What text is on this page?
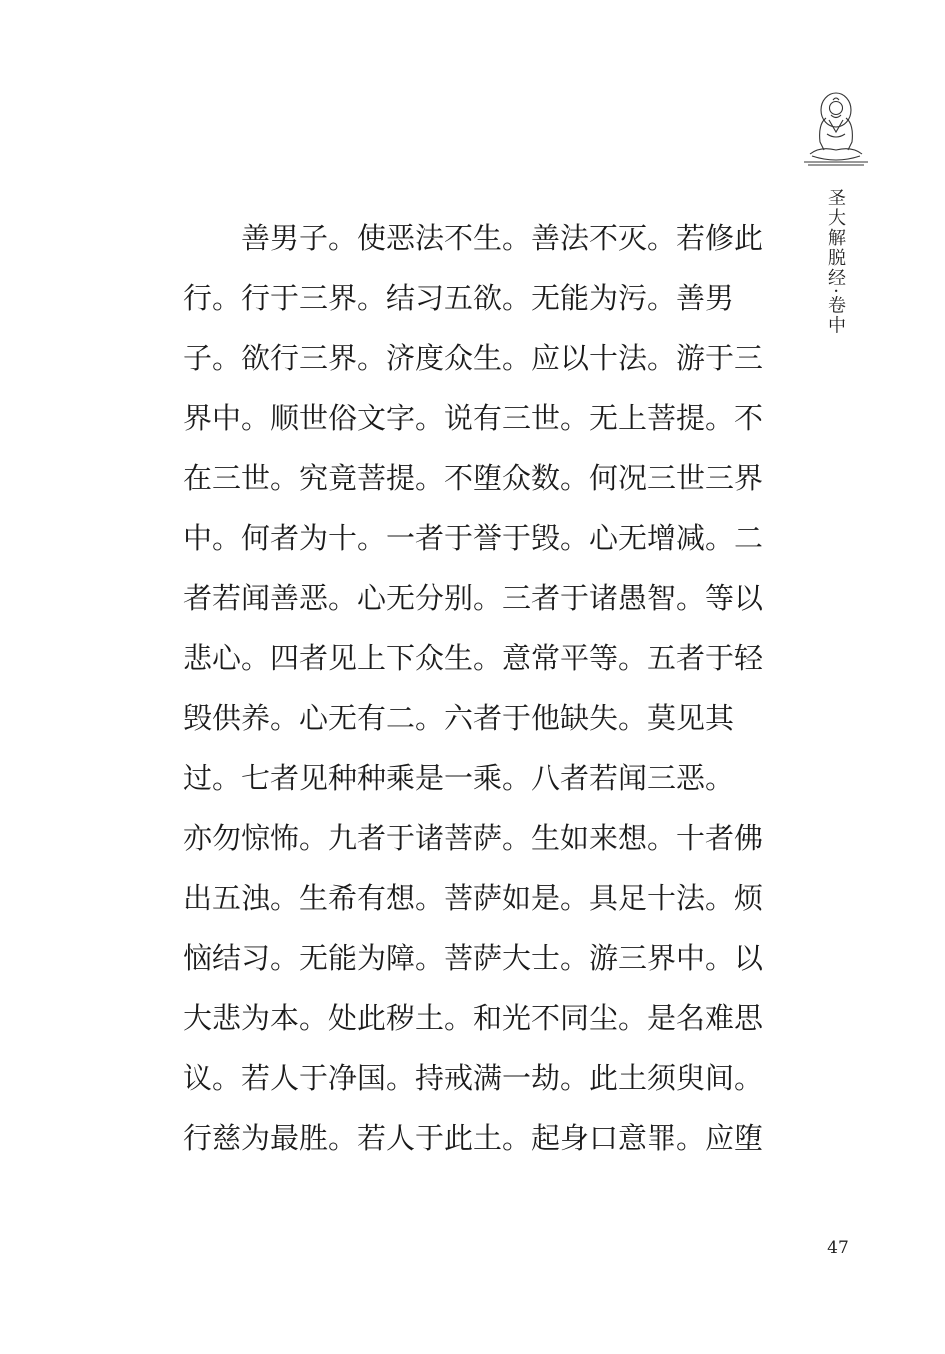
圣大解脱经·卷中
善男子。使恶法不生。善法不灭。若修此
行。行于三界。结习五欲。无能为污。善男
子。欲行三界。济度众生。应以十法。游于三
界中。顺世俗文字。说有三世。无上菩提。不
在三世。究竟菩提。不堕众数。何况三世三界
中。何者为十。一者于誉于毁。心无增减。二
者若闻善恶。心无分别。三者于诸愚智。等以
悲心。四者见上下众生。意常平等。五者于轻
毁供养。心无有二。六者于他缺失。莫见其
过。七者见种种乘是一乘。八者若闻三恶。
亦勿惊怖。九者于诸菩萨。生如来想。十者佛
出五浊。生希有想。菩萨如是。具足十法。烦
恼结习。无能为障。菩萨大士。游三界中。以
大悲为本。处此秽土。和光不同尘。是名难思
议。若人于净国。持戒满一劫。此土须臾间。
行慈为最胜。若人于此土。起身口意罪。应堕
47
